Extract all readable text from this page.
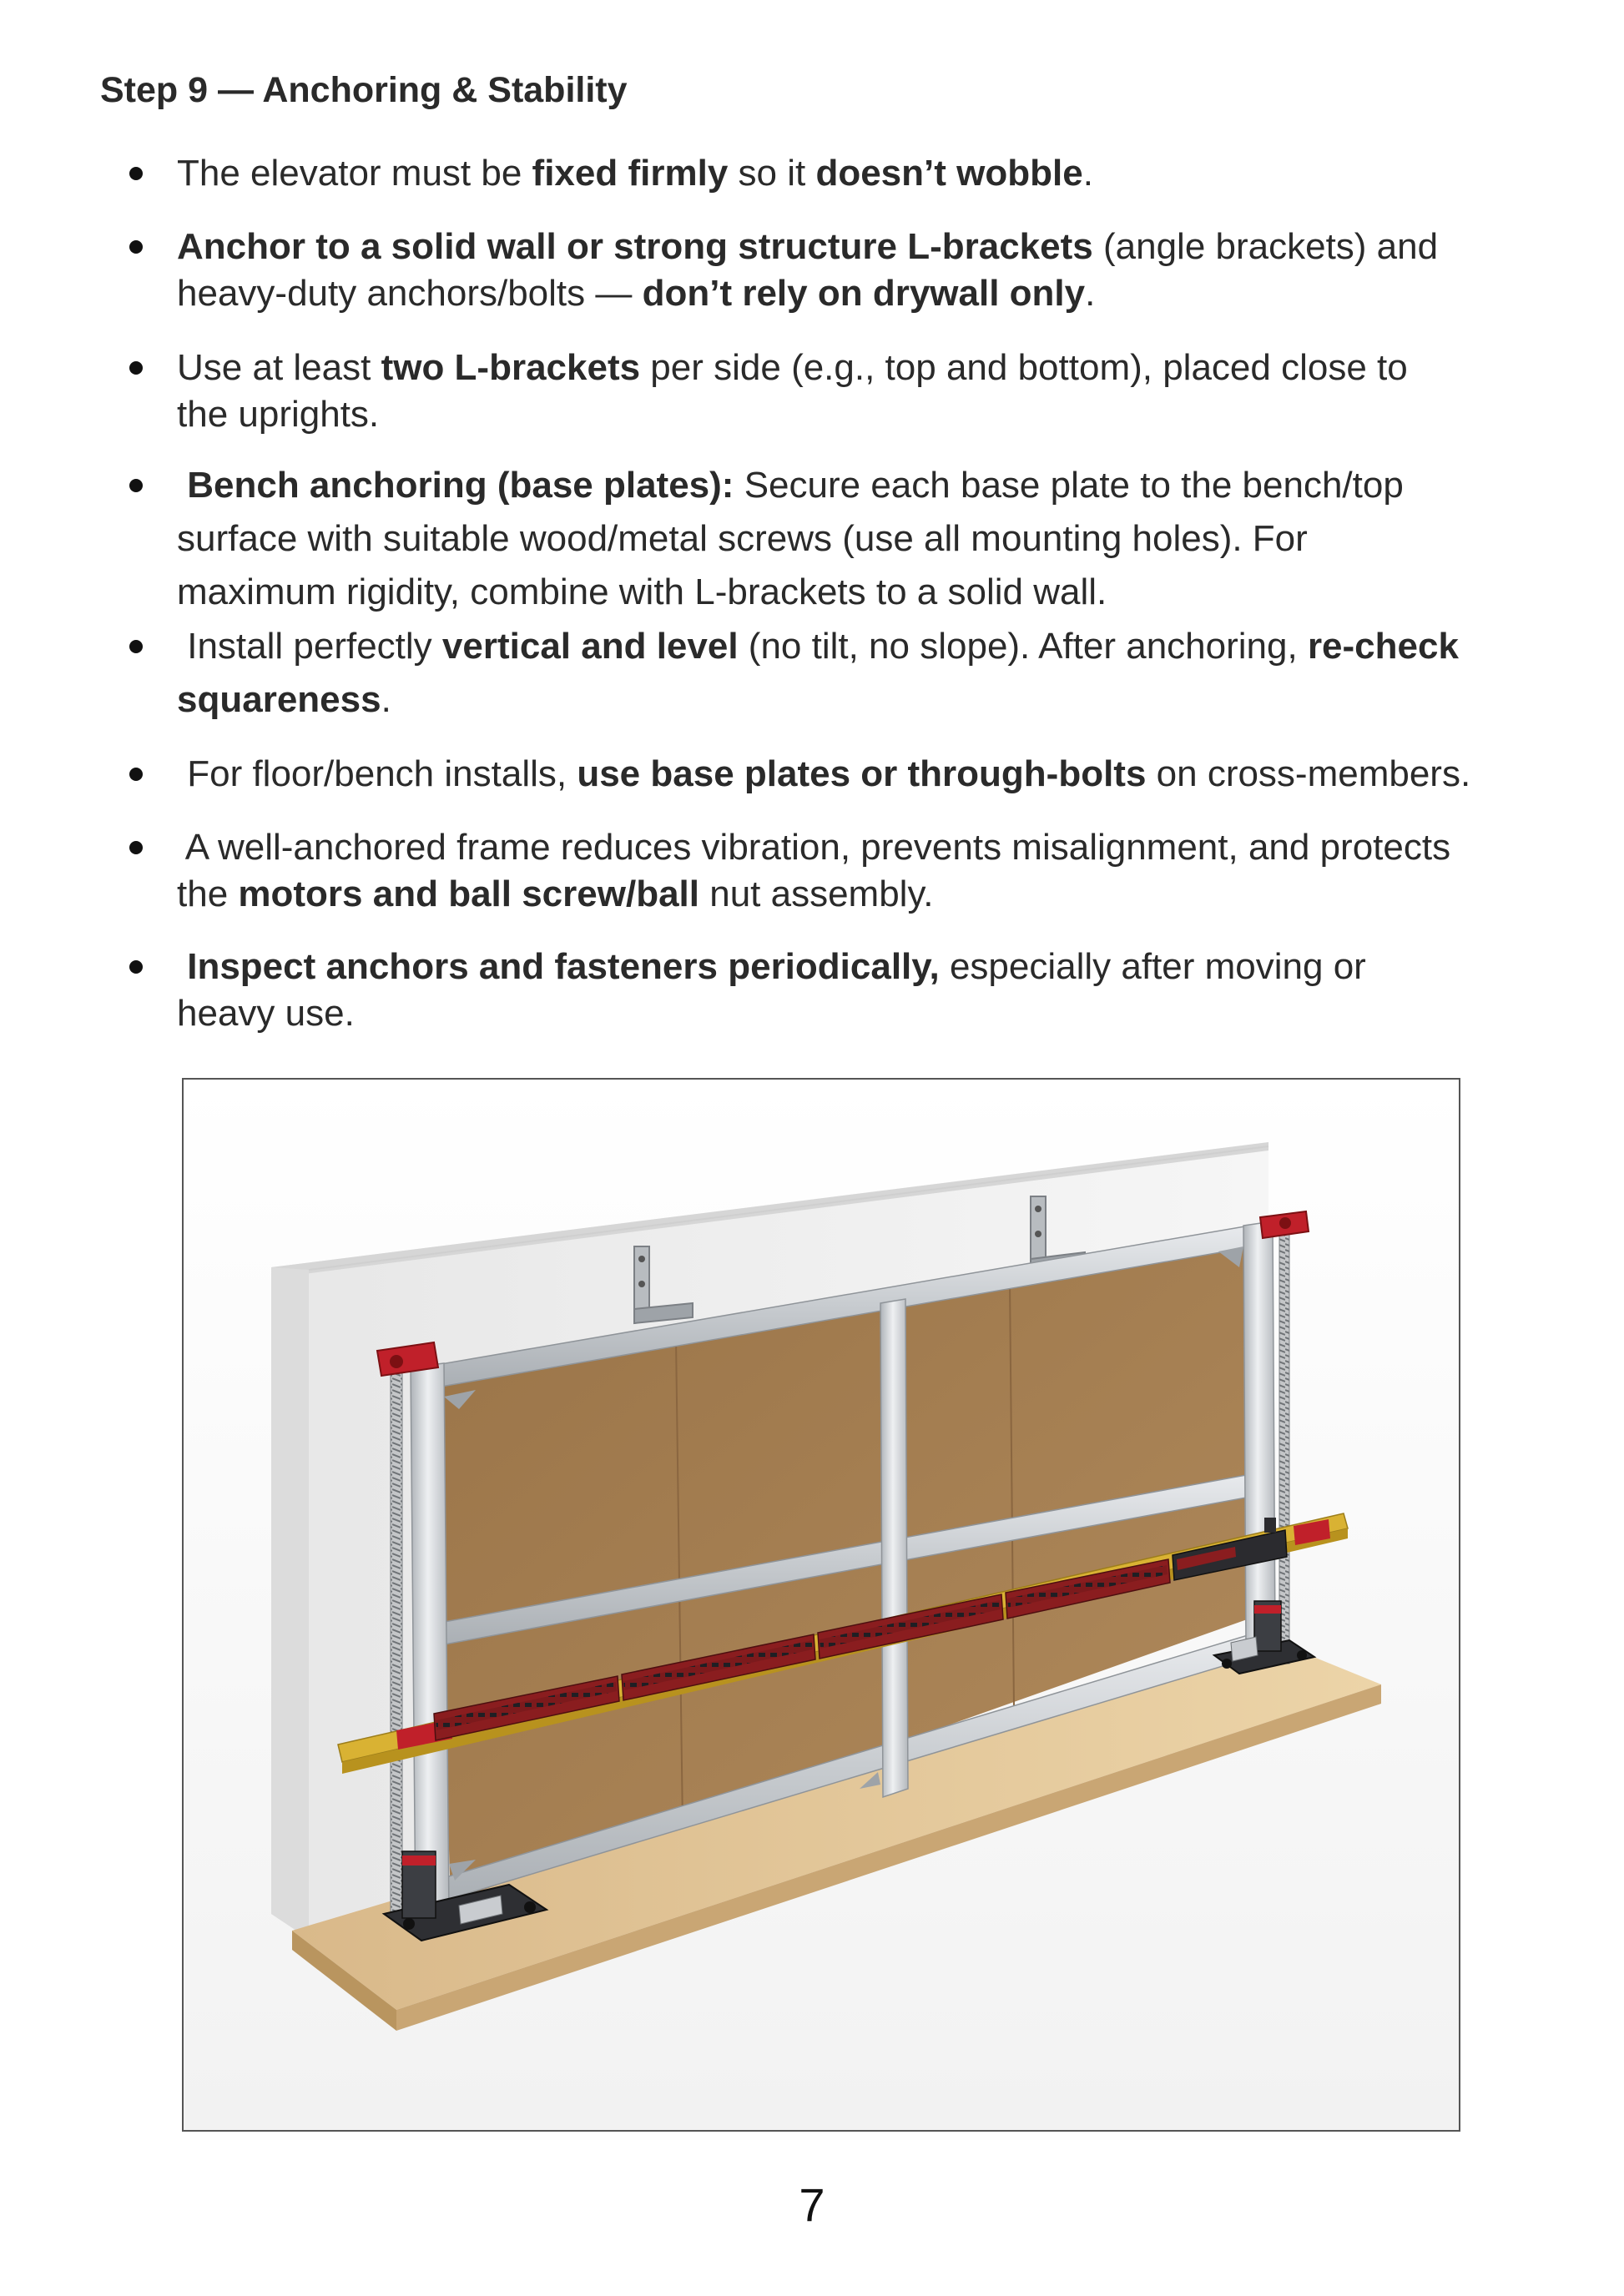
Step 9 — Anchoring & Stability
The elevator must be fixed firmly so it doesn’t wobble.
Anchor to a solid wall or strong structure L-brackets (angle brackets) and
heavy-duty anchors/bolts — don’t rely on drywall only.
Use at least two L-brackets per side (e.g., top and bottom), placed close to
the uprights.
Bench anchoring (base plates): Secure each base plate to the bench/top
surface with suitable wood/metal screws (use all mounting holes). For
maximum rigidity, combine with L-brackets to a solid wall.
Install perfectly vertical and level (no tilt, no slope). After anchoring, re-check
squareness.
For floor/bench installs, use base plates or through-bolts on cross-members.
A well-anchored frame reduces vibration, prevents misalignment, and protects
the motors and ball screw/ball nut assembly.
Inspect anchors and fasteners periodically, especially after moving or
heavy use.
7
